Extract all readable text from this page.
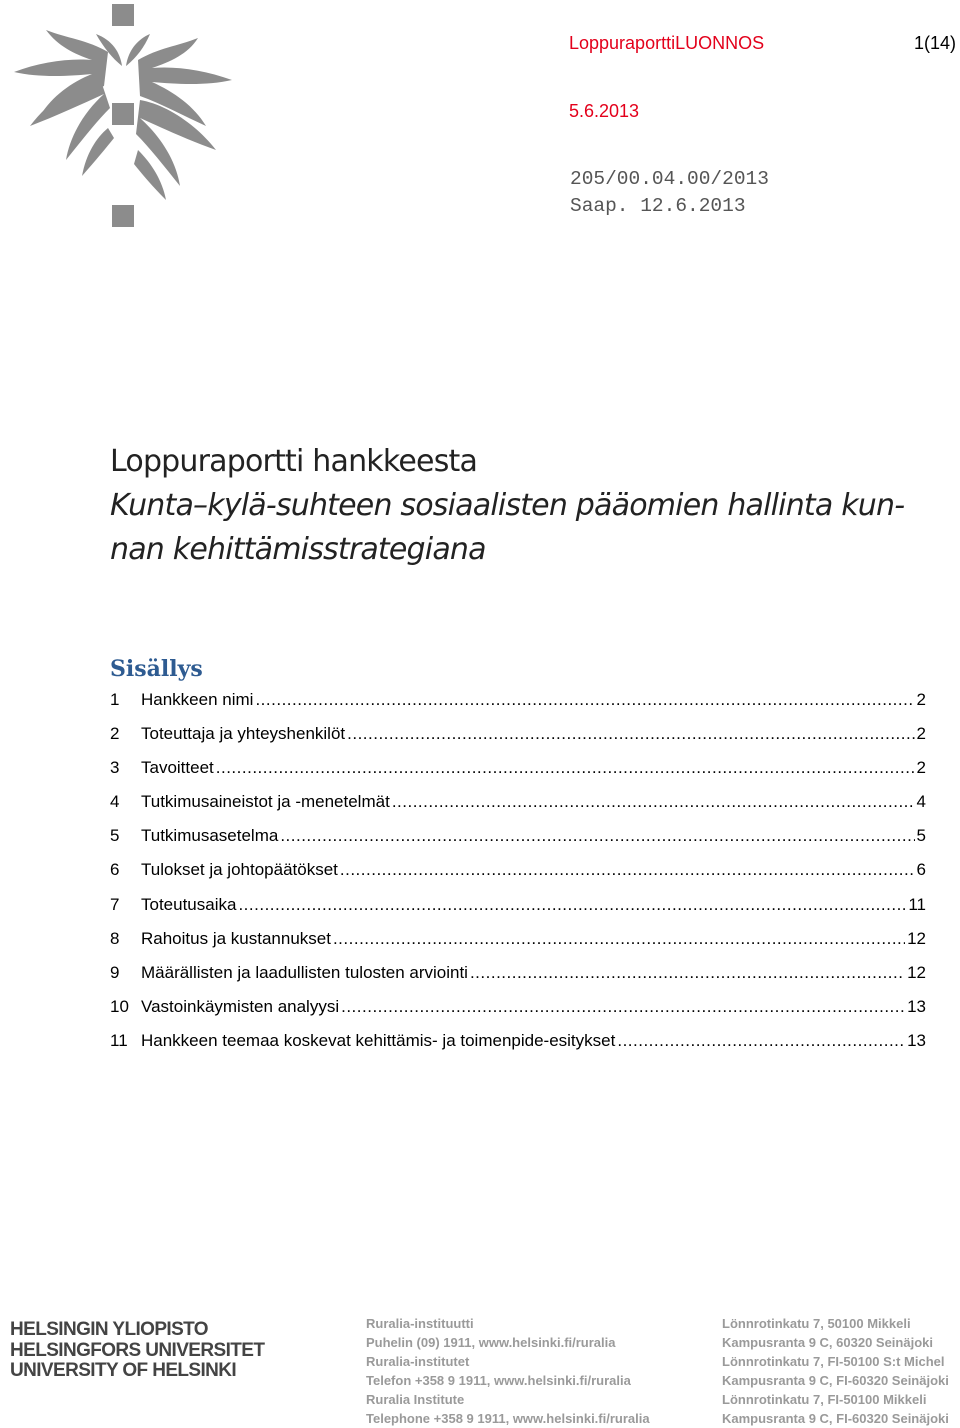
LoppuraporttiLUONNOS	1(14)
5.6.2013
205/00.04.00/2013
Saap. 12.6.2013
Loppuraportti hankkeesta
Kunta–kylä-suhteen sosiaalisten pääomien hallinta kun-
nan kehittämisstrategiana
Sisällys
1	Hankkeen nimi .....	2
2	Toteuttaja ja yhteyshenkilöt .....	2
3	Tavoitteet .....	2
4	Tutkimusaineistot ja -menetelmät .....	4
5	Tutkimusasetelma .....	5
6	Tulokset ja johtopäätökset .....	6
7	Toteutusaika .....	11
8	Rahoitus ja kustannukset .....	12
9	Määrällisten ja laadullisten tulosten arviointi .....	12
10 Vastoinkäymisten analyysi .....	13
11 Hankkeen teemaa koskevat kehittämis- ja toimenpide-esitykset .....	13
HELSINGIN YLIOPISTO
HELSINGFORS UNIVERSITET
UNIVERSITY OF HELSINKI
Ruralia-instituutti
Puhelin (09) 1911, www.helsinki.fi/ruralia
Ruralia-institutet
Telefon +358 9 1911, www.helsinki.fi/ruralia
Ruralia Institute
Telephone +358 9 1911, www.helsinki.fi/ruralia
Lönnrotinkatu 7, 50100 Mikkeli
Kampusranta 9 C, 60320 Seinäjoki
Lönnrotinkatu 7, FI-50100 S:t Michel
Kampusranta 9 C, FI-60320 Seinäjoki
Lönnrotinkatu 7, FI-50100 Mikkeli
Kampusranta 9 C, FI-60320 Seinäjoki
